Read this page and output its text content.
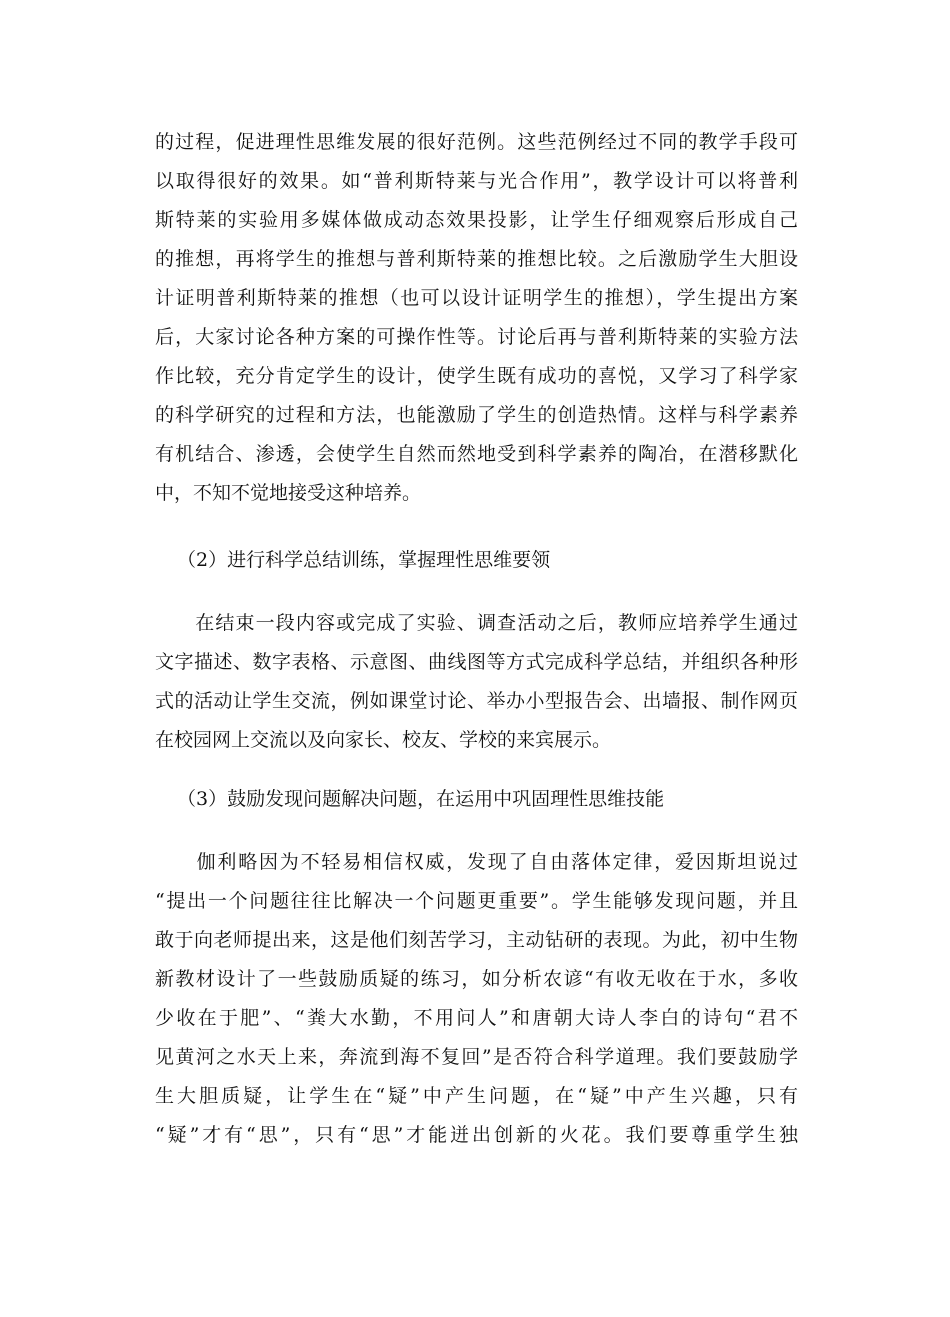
的过程，促进理性思维发展的很好范例。这些范例经过不同的教学手段可
以取得很好的效果。如“普利斯特莱与光合作用”，教学设计可以将普利
斯特莱的实验用多媒体做成动态效果投影，让学生仔细观察后形成自己
的推想，再将学生的推想与普利斯特莱的推想比较。之后激励学生大胆设
计证明普利斯特莱的推想（也可以设计证明学生的推想），学生提出方案
后，大家讨论各种方案的可操作性等。讨论后再与普利斯特莱的实验方法
作比较，充分肯定学生的设计，使学生既有成功的喜悦，又学习了科学家
的科学研究的过程和方法，也能激励了学生的创造热情。这样与科学素养
有机结合、渗透，会使学生自然而然地受到科学素养的陶冶，在潜移默化
中，不知不觉地接受这种培养。
（2）进行科学总结训练，掌握理性思维要领
　　在结束一段内容或完成了实验、调查活动之后，教师应培养学生通过
文字描述、数字表格、示意图、曲线图等方式完成科学总结，并组织各种形
式的活动让学生交流，例如课堂讨论、举办小型报告会、出墙报、制作网页
在校园网上交流以及向家长、校友、学校的来宾展示。
（3）鼓励发现问题解决问题，在运用中巩固理性思维技能
　　伽利略因为不轻易相信权威，发现了自由落体定律，爱因斯坦说过
“提出一个问题往往比解决一个问题更重要”。学生能够发现问题，并且
敢于向老师提出来，这是他们刻苦学习，主动钻研的表现。为此，初中生物
新教材设计了一些鼓励质疑的练习，如分析农谚“有收无收在于水，多收
少收在于肥”、“粪大水勤，不用问人”和唐朝大诗人李白的诗句“君不
见黄河之水天上来，奔流到海不复回”是否符合科学道理。我们要鼓励学
生大胆质疑，让学生在“疑”中产生问题，在“疑”中产生兴趣，只有
“疑”才有“思”，只有“思”才能迸出创新的火花。我们要尊重学生独
